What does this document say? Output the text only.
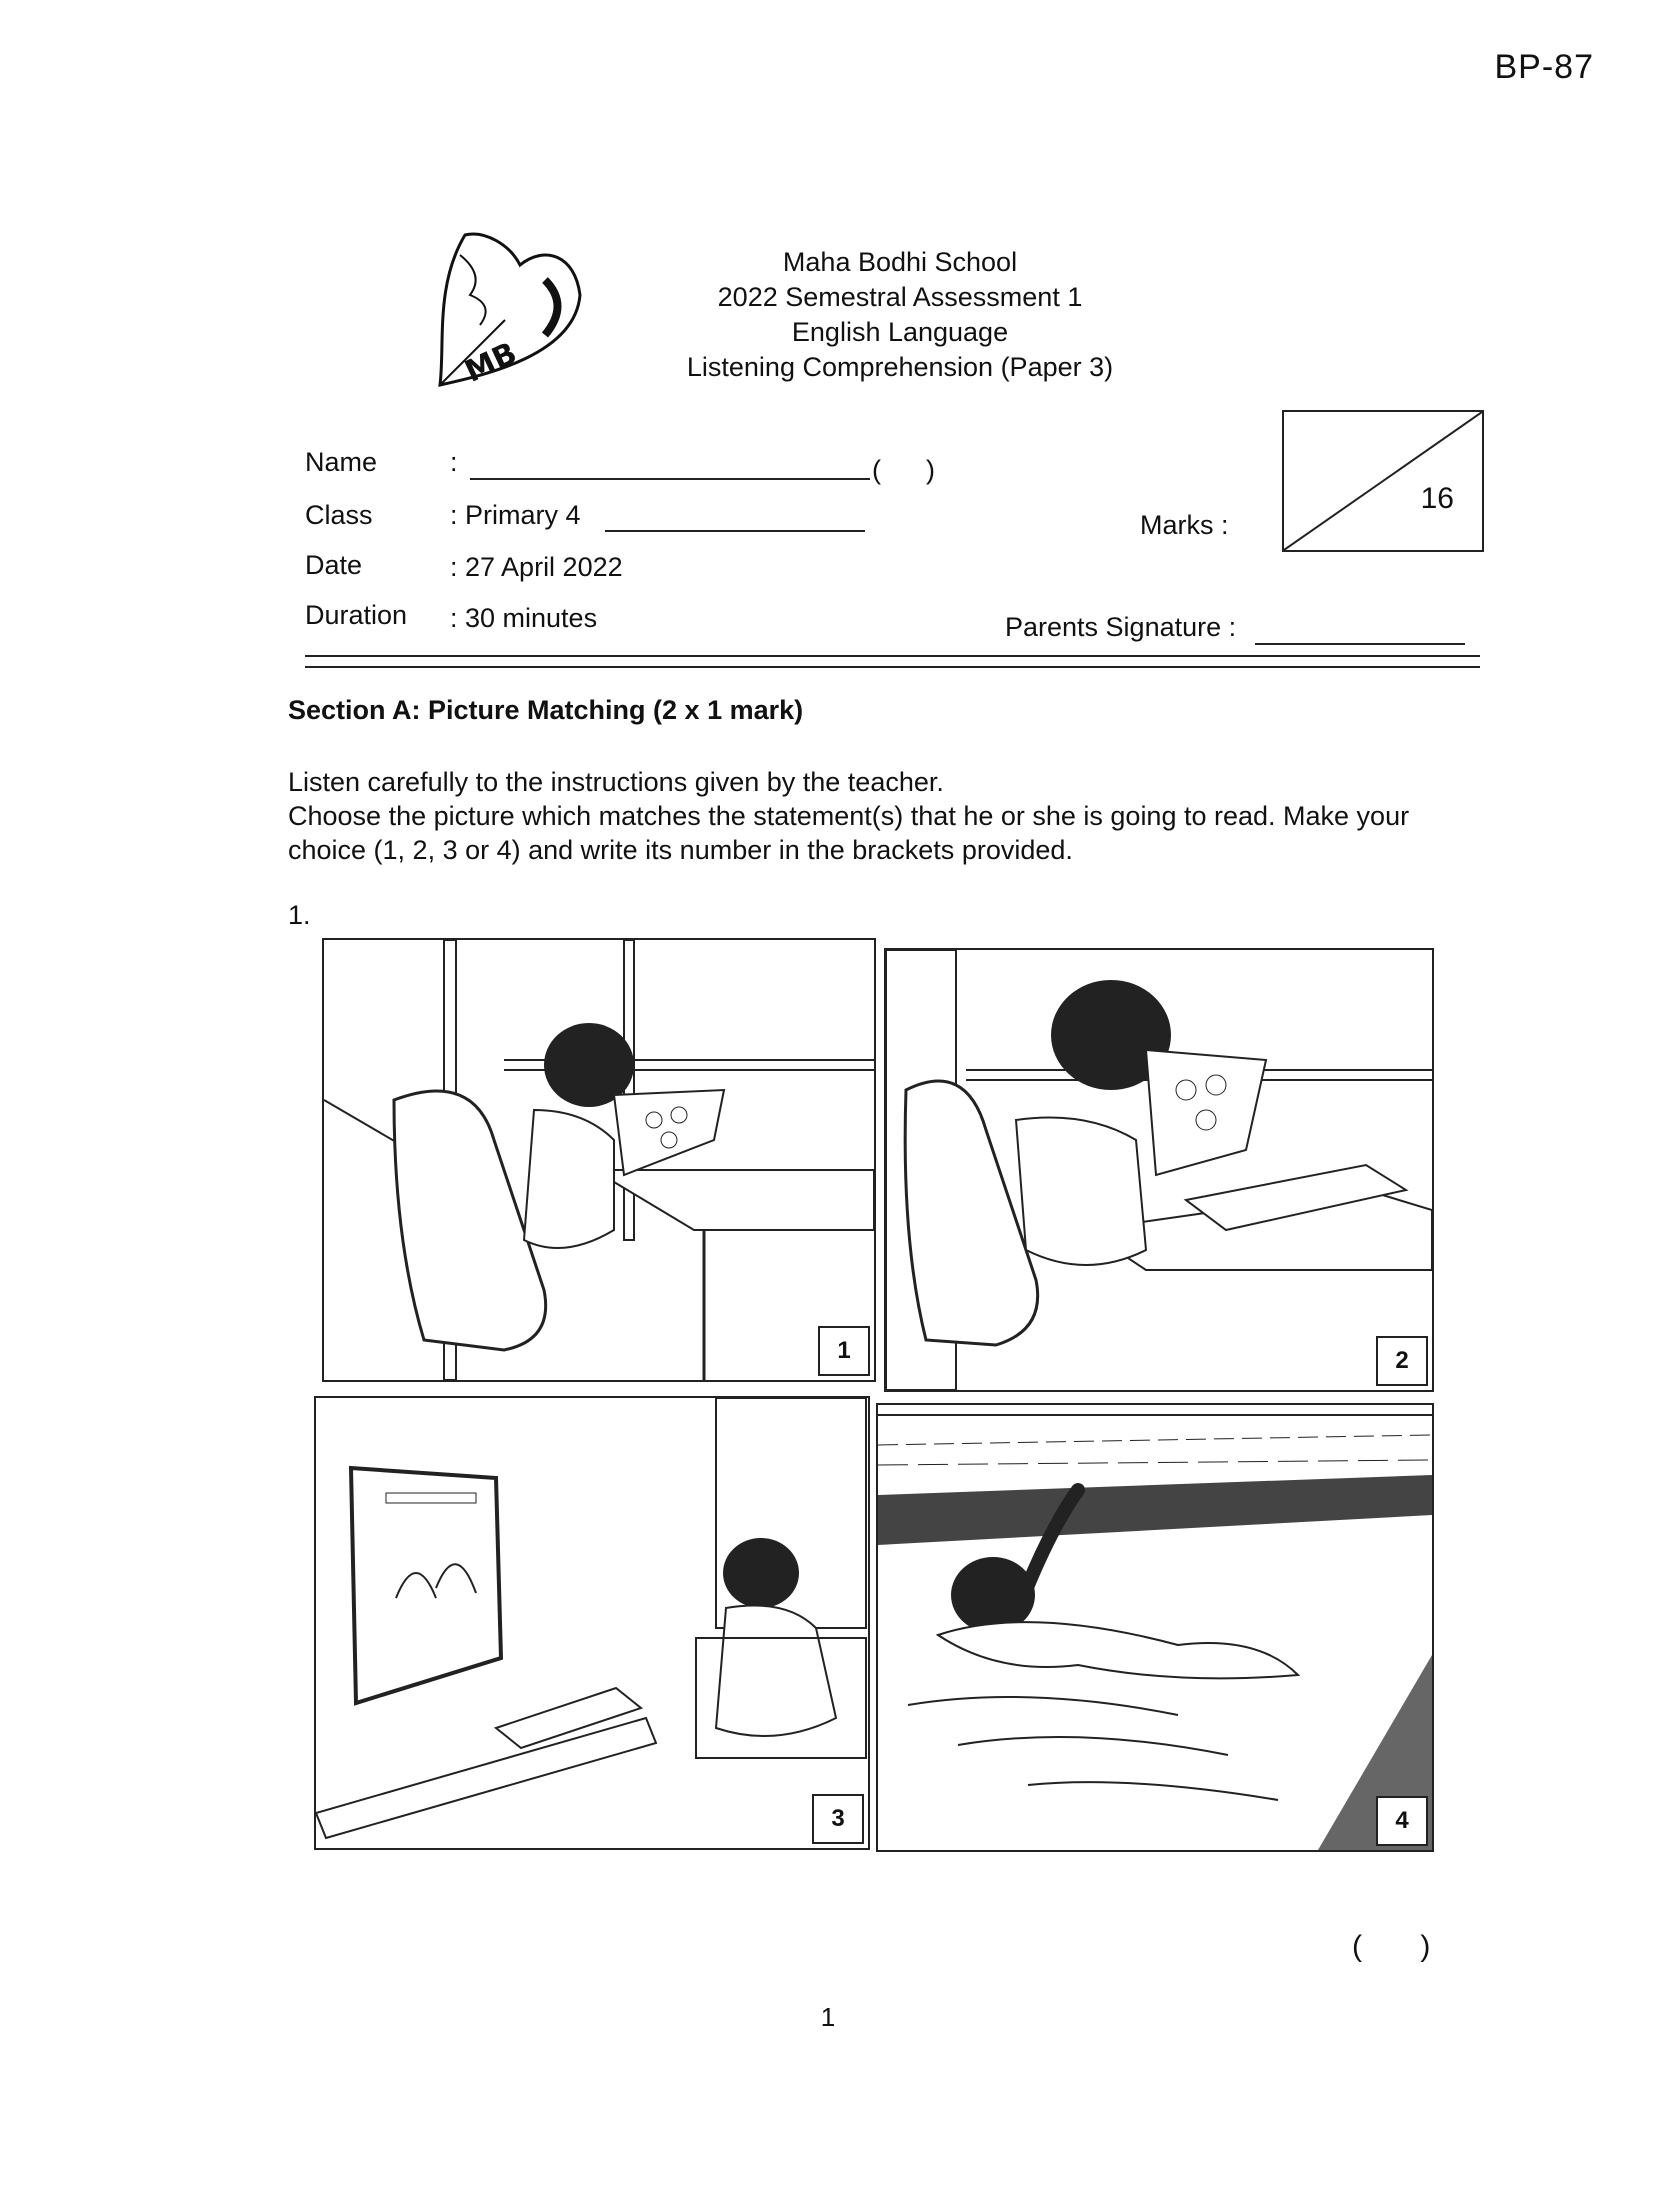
BP-87
MB
Maha Bodhi School
2022 Semestral Assessment 1
English Language
Listening Comprehension (Paper 3)
Name	:	(      )
Class	: Primary 4
Date	: 27 April 2022
Duration : 30 minutes
Marks :
16
Parents Signature :
Section A: Picture Matching (2 x 1 mark)
Listen carefully to the instructions given by the teacher.
Choose the picture which matches the statement(s) that he or she is going to read. Make your choice (1, 2, 3 or 4) and write its number in the brackets provided.
1.
1	2
3	4
(       )
1
